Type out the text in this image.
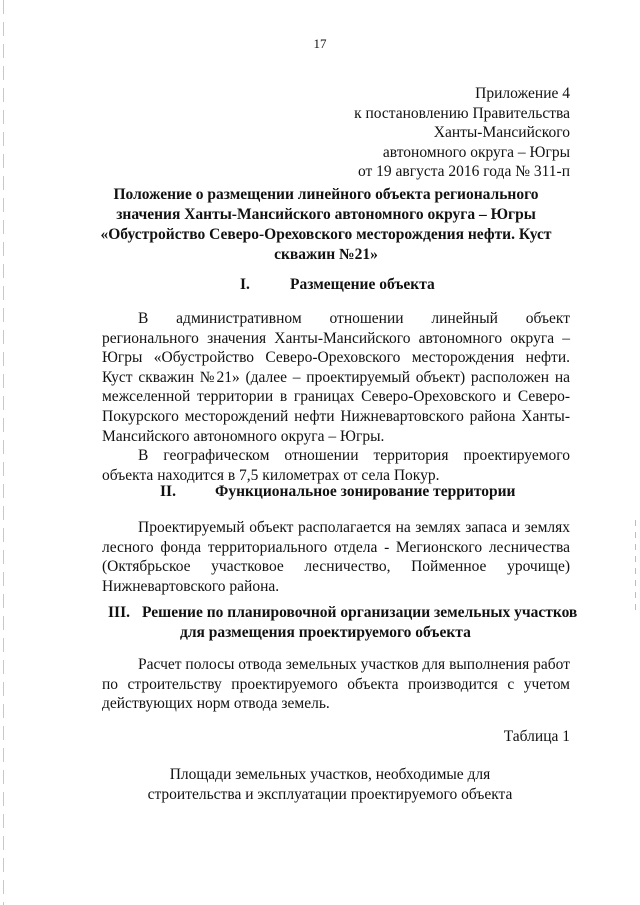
17
Приложение 4
к постановлению Правительства
Ханты-Мансийского
автономного округа – Югры
от 19 августа 2016 года № 311-п
Положение о размещении линейного объекта регионального
значения Ханты-Мансийского автономного округа – Югры
«Обустройство Северо-Ореховского месторождения нефти. Куст
скважин №21»
I.	Размещение объекта

В административном отношении линейный объект регионального значения Ханты-Мансийского автономного округа – Югры «Обустройство Северо-Ореховского месторождения нефти. Куст скважин №21» (далее – проектируемый объект) расположен на межселенной территории в границах Северо-Ореховского и Северо-Покурского месторождений нефти Нижневартовского района Ханты-Мансийского автономного округа – Югры.

В географическом отношении территория проектируемого объекта находится в 7,5 километрах от села Покур.

II.	Функциональное зонирование территории

Проектируемый объект располагается на землях запаса и землях лесного фонда территориального отдела - Мегионского лесничества (Октябрьское участковое лесничество, Пойменное урочище) Нижневартовского района.

III. Решение по планировочной организации земельных участков
для размещения проектируемого объекта

Расчет полосы отвода земельных участков для выполнения работ по строительству проектируемого объекта производится с учетом действующих норм отвода земель.

Таблица 1
Площади земельных участков, необходимые для
строительства и эксплуатации проектируемого объекта
